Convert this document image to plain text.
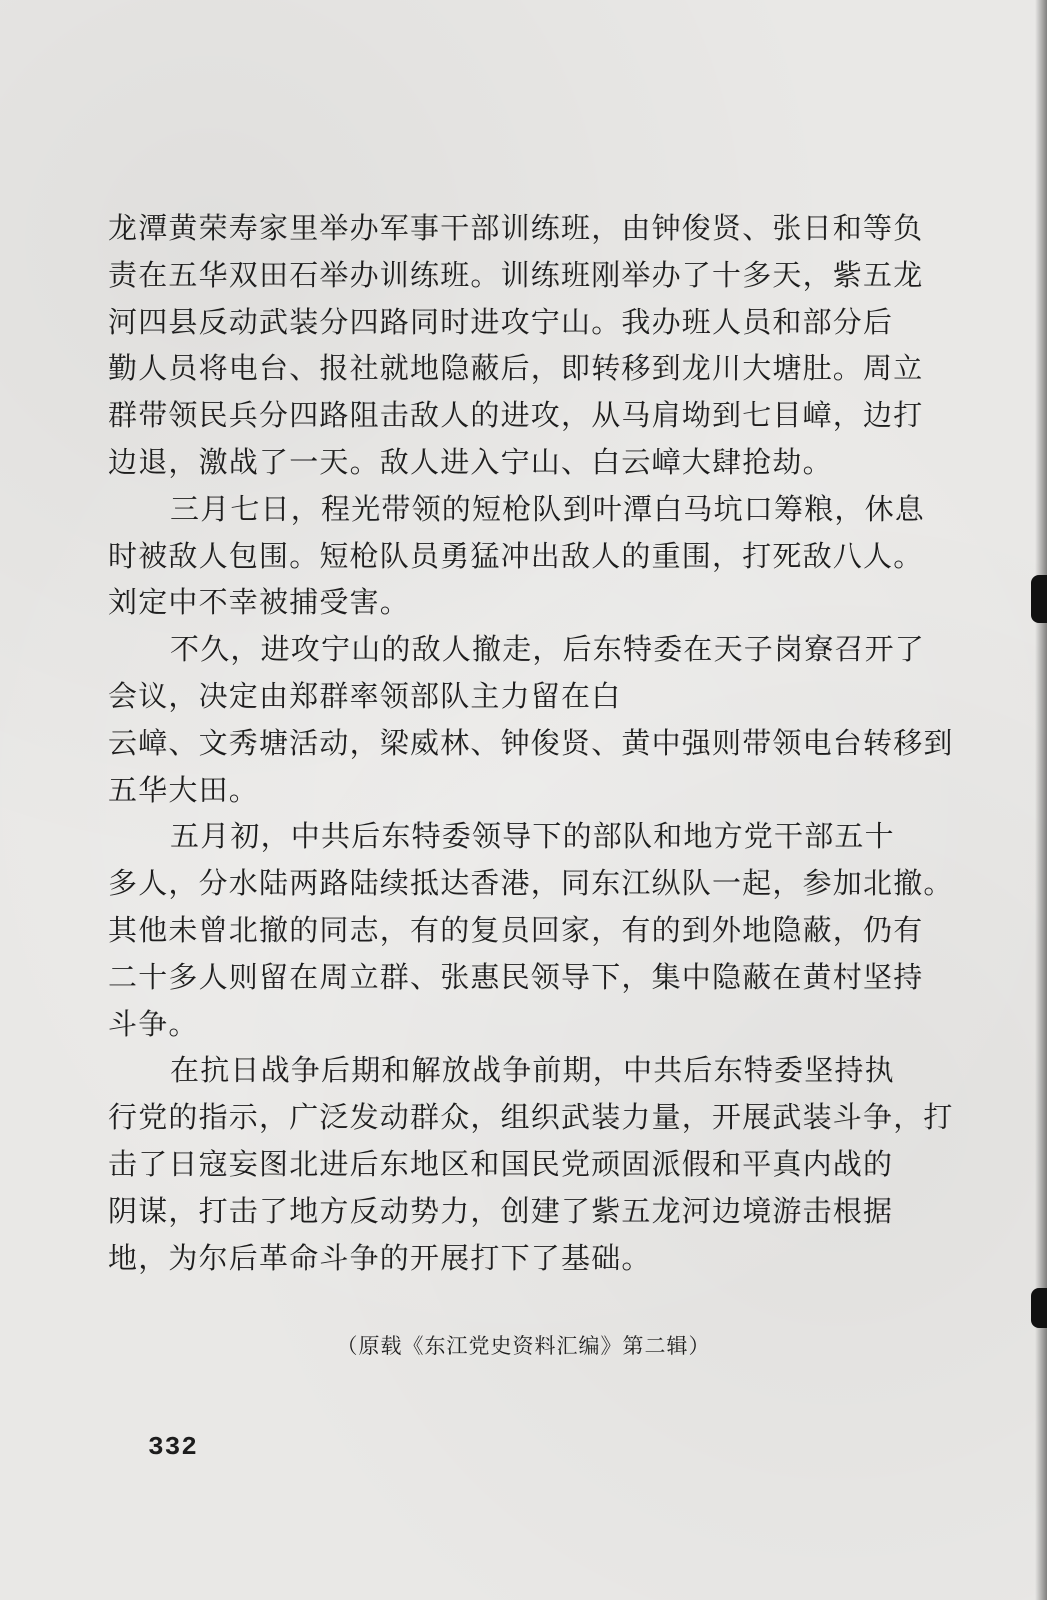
龙潭黄荣寿家里举办军事干部训练班，由钟俊贤、张日和等负
责在五华双田石举办训练班。训练班刚举办了十多天，紫五龙
河四县反动武装分四路同时进攻宁山。我办班人员和部分后
勤人员将电台、报社就地隐蔽后，即转移到龙川大塘肚。周立
群带领民兵分四路阻击敌人的进攻，从马肩坳到七目嶂，边打
边退，激战了一天。敌人进入宁山、白云嶂大肆抢劫。
三月七日，程光带领的短枪队到叶潭白马坑口筹粮，休息
时被敌人包围。短枪队员勇猛冲出敌人的重围，打死敌八人。
刘定中不幸被捕受害。
不久，进攻宁山的敌人撤走，后东特委在天子岗寮召开了
会议，决定由郑群率领部队主力留在白
云嶂、文秀塘活动，梁威林、钟俊贤、黄中强则带领电台转移到
五华大田。
五月初，中共后东特委领导下的部队和地方党干部五十
多人，分水陆两路陆续抵达香港，同东江纵队一起，参加北撤。
其他未曾北撤的同志，有的复员回家，有的到外地隐蔽，仍有
二十多人则留在周立群、张惠民领导下，集中隐蔽在黄村坚持
斗争。
在抗日战争后期和解放战争前期，中共后东特委坚持执
行党的指示，广泛发动群众，组织武装力量，开展武装斗争，打
击了日寇妄图北进后东地区和国民党顽固派假和平真内战的
阴谋，打击了地方反动势力，创建了紫五龙河边境游击根据
地，为尔后革命斗争的开展打下了基础。
（原载《东江党史资料汇编》第二辑）
332
